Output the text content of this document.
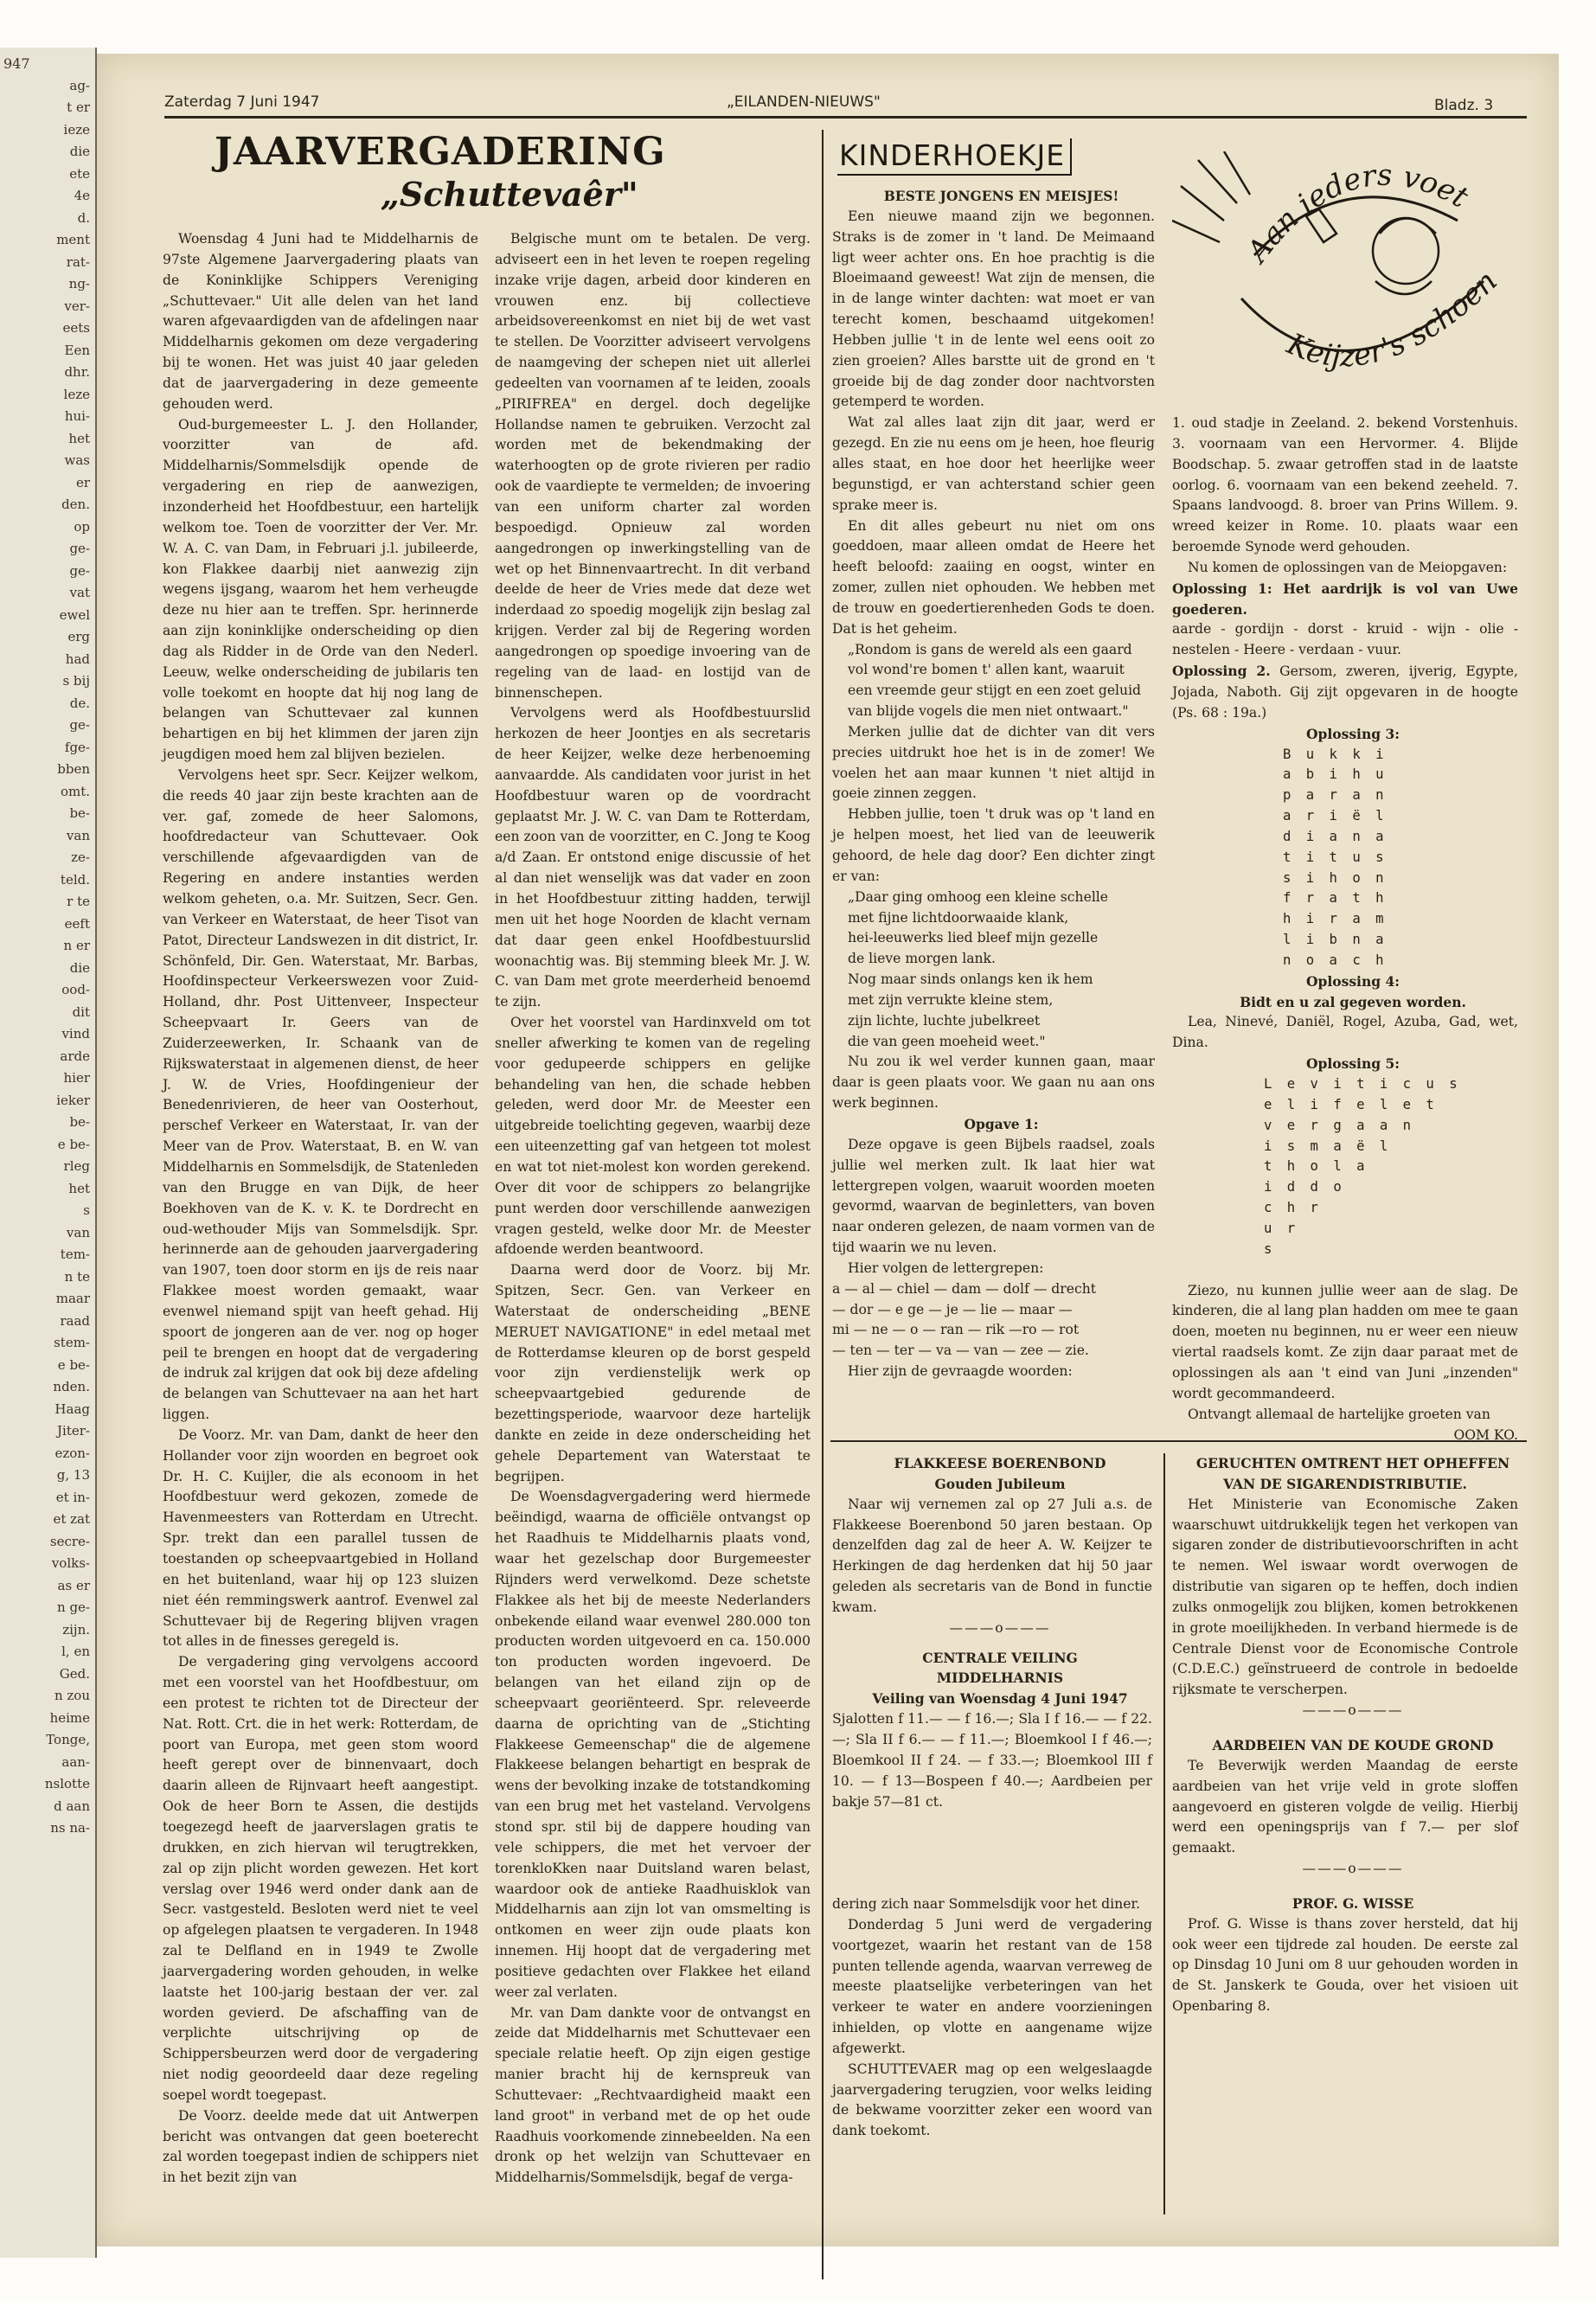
947
ag-
t er
ieze
die
ete
4e
d.
ment
rat-
ng-
ver-
eets
Een
dhr.
leze
hui-
het
was
er
den.
op
ge-
ge-
vat
ewel
erg
had
s bij
de.
ge-
fge-
bben
omt.
be-
van
ze-
teld.
r te
eeft
n er
die
ood-
dit
vind
arde
hier
ieker
be-
e be-
rleg
het
s
van
tem-
n te
maar
raad
stem-
e be-
nden.
Haag
Jiter-
ezon-
g, 13
et in-
et zat
secre-
volks-
as er
n ge-
zijn.
l, en
Ged.
n zou
heime
Tonge,
aan-
nslotte
d aan
ns na-
Zaterdag 7 Juni 1947	„EILANDEN-NIEUWS"	Bladz. 3
JAARVERGADERING
„Schuttevaêr"

Woensdag 4 Juni had te Middelharnis de 97ste Algemene Jaarvergadering plaats van de Koninklijke Schippers Vereniging „Schuttevaer." Uit alle delen van het land waren afgevaardigden van de afdelingen naar Middelharnis gekomen om deze vergadering bij te wonen. Het was juist 40 jaar geleden dat de jaarvergadering in deze gemeente gehouden werd.

Oud-burgemeester L. J. den Hollander, voorzitter van de afd. Middelharnis/Sommelsdijk opende de vergadering en riep de aanwezigen, inzonderheid het Hoofdbestuur, een hartelijk welkom toe. Toen de voorzitter der Ver. Mr. W. A. C. van Dam, in Februari j.l. jubileerde, kon Flakkee daarbij niet aanwezig zijn wegens ijsgang, waarom het hem verheugde deze nu hier aan te treffen. Spr. herinnerde aan zijn koninklijke onderscheiding op dien dag als Ridder in de Orde van den Nederl. Leeuw, welke onderscheiding de jubilaris ten volle toekomt en hoopte dat hij nog lang de belangen van Schuttevaer zal kunnen behartigen en bij het klimmen der jaren zijn jeugdigen moed hem zal blijven bezielen.

Vervolgens heet spr. Secr. Keijzer welkom, die reeds 40 jaar zijn beste krachten aan de ver. gaf, zomede de heer Salomons, hoofdredacteur van Schuttevaer. Ook verschillende afgevaardigden van de Regering en andere instanties werden welkom geheten, o.a. Mr. Suitzen, Secr. Gen. van Verkeer en Waterstaat, de heer Tisot van Patot, Directeur Landswezen in dit district, Ir. Schönfeld, Dir. Gen. Waterstaat, Mr. Barbas, Hoofdinspecteur Verkeerswezen voor Zuid-Holland, dhr. Post Uittenveer, Inspecteur Scheepvaart Ir. Geers van de Zuiderzeewerken, Ir. Schaank van de Rijkswaterstaat in algemenen dienst, de heer J. W. de Vries, Hoofdingenieur der Benedenrivieren, de heer van Oosterhout, perschef Verkeer en Waterstaat, Ir. van der Meer van de Prov. Waterstaat, B. en W. van Middelharnis en Sommelsdijk, de Statenleden van den Brugge en van Dijk, de heer Boekhoven van de K. v. K. te Dordrecht en oud-wethouder Mijs van Sommelsdijk. Spr. herinnerde aan de gehouden jaarvergadering van 1907, toen door storm en ijs de reis naar Flakkee moest worden gemaakt, waar evenwel niemand spijt van heeft gehad. Hij spoort de jongeren aan de ver. nog op hoger peil te brengen en hoopt dat de vergadering de indruk zal krijgen dat ook bij deze afdeling de belangen van Schuttevaer na aan het hart liggen.

De Voorz. Mr. van Dam, dankt de heer den Hollander voor zijn woorden en begroet ook Dr. H. C. Kuijler, die als econoom in het Hoofdbestuur werd gekozen, zomede de Havenmeesters van Rotterdam en Utrecht. Spr. trekt dan een parallel tussen de toestanden op scheepvaartgebied in Holland en het buitenland, waar hij op 123 sluizen niet één remmingswerk aantrof. Evenwel zal Schuttevaer bij de Regering blijven vragen tot alles in de finesses geregeld is.

De vergadering ging vervolgens accoord met een voorstel van het Hoofdbestuur, om een protest te richten tot de Directeur der Nat. Rott. Crt. die in het werk: Rotterdam, de poort van Europa, met geen stom woord heeft gerept over de binnenvaart, doch daarin alleen de Rijnvaart heeft aangestipt. Ook de heer Born te Assen, die destijds toegezegd heeft de jaarverslagen gratis te drukken, en zich hiervan wil terugtrekken, zal op zijn plicht worden gewezen. Het kort verslag over 1946 werd onder dank aan de Secr. vastgesteld. Besloten werd niet te veel op afgelegen plaatsen te vergaderen. In 1948 zal te Delfland en in 1949 te Zwolle jaarvergadering worden gehouden, in welke laatste het 100-jarig bestaan der ver. zal worden gevierd. De afschaffing van de verplichte uitschrijving op de Schippersbeurzen werd door de vergadering niet nodig geoordeeld daar deze regeling soepel wordt toegepast.

De Voorz. deelde mede dat uit Antwerpen bericht was ontvangen dat geen boeterecht zal worden toegepast indien de schippers niet in het bezit zijn van

Belgische munt om te betalen. De verg. adviseert een in het leven te roepen regeling inzake vrije dagen, arbeid door kinderen en vrouwen enz. bij collectieve arbeidsovereenkomst en niet bij de wet vast te stellen. De Voorzitter adviseert vervolgens de naamgeving der schepen niet uit allerlei gedeelten van voornamen af te leiden, zooals „PIRIFREA" en dergel. doch degelijke Hollandse namen te gebruiken. Verzocht zal worden met de bekendmaking der waterhoogten op de grote rivieren per radio ook de vaardiepte te vermelden; de invoering van een uniform charter zal worden bespoedigd. Opnieuw zal worden aangedrongen op inwerkingstelling van de wet op het Binnenvaartrecht. In dit verband deelde de heer de Vries mede dat deze wet inderdaad zo spoedig mogelijk zijn beslag zal krijgen. Verder zal bij de Regering worden aangedrongen op spoedige invoering van de regeling van de laad- en lostijd van de binnenschepen.

Vervolgens werd als Hoofdbestuurslid herkozen de heer Joontjes en als secretaris de heer Keijzer, welke deze herbenoeming aanvaardde. Als candidaten voor jurist in het Hoofdbestuur waren op de voordracht geplaatst Mr. J. W. C. van Dam te Rotterdam, een zoon van de voorzitter, en C. Jong te Koog a/d Zaan. Er ontstond enige discussie of het al dan niet wenselijk was dat vader en zoon in het Hoofdbestuur zitting hadden, terwijl men uit het hoge Noorden de klacht vernam dat daar geen enkel Hoofdbestuurslid woonachtig was. Bij stemming bleek Mr. J. W. C. van Dam met grote meerderheid benoemd te zijn.

Over het voorstel van Hardinxveld om tot sneller afwerking te komen van de regeling voor gedupeerde schippers en gelijke behandeling van hen, die schade hebben geleden, werd door Mr. de Meester een uitgebreide toelichting gegeven, waarbij deze een uiteenzetting gaf van hetgeen tot molest en wat tot niet-molest kon worden gerekend. Over dit voor de schippers zo belangrijke punt werden door verschillende aanwezigen vragen gesteld, welke door Mr. de Meester afdoende werden beantwoord.

Daarna werd door de Voorz. bij Mr. Spitzen, Secr. Gen. van Verkeer en Waterstaat de onderscheiding „BENE MERUET NAVIGATIONE" in edel metaal met de Rotterdamse kleuren op de borst gespeld voor zijn verdienstelijk werk op scheepvaartgebied gedurende de bezettingsperiode, waarvoor deze hartelijk dankte en zeide in deze onderscheiding het gehele Departement van Waterstaat te begrijpen.

De Woensdagvergadering werd hiermede beëindigd, waarna de officiële ontvangst op het Raadhuis te Middelharnis plaats vond, waar het gezelschap door Burgemeester Rijnders werd verwelkomd. Deze schetste Flakkee als het bij de meeste Nederlanders onbekende eiland waar evenwel 280.000 ton producten worden uitgevoerd en ca. 150.000 ton producten worden ingevoerd. De belangen van het eiland zijn op de scheepvaart georiënteerd. Spr. releveerde daarna de oprichting van de „Stichting Flakkeese Gemeenschap" die de algemene Flakkeese belangen behartigt en besprak de wens der bevolking inzake de totstandkoming van een brug met het vasteland. Vervolgens stond spr. stil bij de dappere houding van vele schippers, die met het vervoer der torenkloKken naar Duitsland waren belast, waardoor ook de antieke Raadhuisklok van Middelharnis aan zijn lot van omsmelting is ontkomen en weer zijn oude plaats kon innemen. Hij hoopt dat de vergadering met positieve gedachten over Flakkee het eiland weer zal verlaten.

Mr. van Dam dankte voor de ontvangst en zeide dat Middelharnis met Schuttevaer een speciale relatie heeft. Op zijn eigen gestige manier bracht hij de kernspreuk van Schuttevaer: „Rechtvaardigheid maakt een land groot" in verband met de op het oude Raadhuis voorkomende zinnebeelden. Na een dronk op het welzijn van Schuttevaer en Middelharnis/Sommelsdijk, begaf de verga-

dering zich naar Sommelsdijk voor het diner.

Donderdag 5 Juni werd de vergadering voortgezet, waarin het restant van de 158 punten tellende agenda, waarvan verreweg de meeste plaatselijke verbeteringen van het verkeer te water en andere voorzieningen inhielden, op vlotte en aangename wijze afgewerkt.

SCHUTTEVAER mag op een welgeslaagde jaarvergadering terugzien, voor welks leiding de bekwame voorzitter zeker een woord van dank toekomt.

KINDERHOEKJE
Aan ieders voet
Keijzer's schoen

BESTE JONGENS EN MEISJES!

Een nieuwe maand zijn we begonnen. Straks is de zomer in 't land. De Meimaand ligt weer achter ons. En hoe prachtig is die Bloeimaand geweest! Wat zijn de mensen, die in de lange winter dachten: wat moet er van terecht komen, beschaamd uitgekomen! Hebben jullie 't in de lente wel eens ooit zo zien groeien? Alles barstte uit de grond en 't groeide bij de dag zonder door nachtvorsten getemperd te worden.

Wat zal alles laat zijn dit jaar, werd er gezegd. En zie nu eens om je heen, hoe fleurig alles staat, en hoe door het heerlijke weer begunstigd, er van achterstand schier geen sprake meer is.

En dit alles gebeurt nu niet om ons goeddoen, maar alleen omdat de Heere het heeft beloofd: zaaiing en oogst, winter en zomer, zullen niet ophouden. We hebben met de trouw en goedertierenheden Gods te doen. Dat is het geheim.

„Rondom is gans de wereld als een gaard

vol wond're bomen t' allen kant, waaruit

een vreemde geur stijgt en een zoet geluid

van blijde vogels die men niet ontwaart."

Merken jullie dat de dichter van dit vers precies uitdrukt hoe het is in de zomer! We voelen het aan maar kunnen 't niet altijd in goeie zinnen zeggen.

Hebben jullie, toen 't druk was op 't land en je helpen moest, het lied van de leeuwerik gehoord, de hele dag door? Een dichter zingt er van:

„Daar ging omhoog een kleine schelle

met fijne lichtdoorwaaide klank,

hei-leeuwerks lied bleef mijn gezelle

de lieve morgen lank.

Nog maar sinds onlangs ken ik hem

met zijn verrukte kleine stem,

zijn lichte, luchte jubelkreet

die van geen moeheid weet."

Nu zou ik wel verder kunnen gaan, maar daar is geen plaats voor. We gaan nu aan ons werk beginnen.

Opgave 1:

Deze opgave is geen Bijbels raadsel, zoals jullie wel merken zult. Ik laat hier wat lettergrepen volgen, waaruit woorden moeten gevormd, waarvan de beginletters, van boven naar onderen gelezen, de naam vormen van de tijd waarin we nu leven.

Hier volgen de lettergrepen:

a — al — chiel — dam — dolf — drecht

— dor — e ge — je — lie — maar —

mi — ne — o — ran — rik —ro — rot

— ten — ter — va — van — zee — zie.

Hier zijn de gevraagde woorden:

1. oud stadje in Zeeland. 2. bekend Vorstenhuis. 3. voornaam van een Hervormer. 4. Blijde Boodschap. 5. zwaar getroffen stad in de laatste oorlog. 6. voornaam van een bekend zeeheld. 7. Spaans landvoogd. 8. broer van Prins Willem. 9. wreed keizer in Rome. 10. plaats waar een beroemde Synode werd gehouden.

Nu komen de oplossingen van de Meiopgaven:

Oplossing 1: Het aardrijk is vol van Uwe goederen.

aarde - gordijn - dorst - kruid - wijn - olie - nestelen - Heere - verdaan - vuur.

Oplossing 2. Gersom, zweren, ijverig, Egypte, Jojada, Naboth. Gij zijt opgevaren in de hoogte (Ps. 68 : 19a.)

Oplossing 3:

B u k k i

a b i h u

p a r a n

a r i ë l

d i a n a

t i t u s

s i h o n

f r a t h

h i r a m

l i b n a

n o a c h

Oplossing 4:

Bidt en u zal gegeven worden.

Lea, Ninevé, Daniël, Rogel, Azuba, Gad, wet, Dina.

Oplossing 5:

L e v i t i c u s

e l i f e l e t

v e r g a a n

i s m a ë l

t h o l a

i d d o

c h r

u r

s

Ziezo, nu kunnen jullie weer aan de slag. De kinderen, die al lang plan hadden om mee te gaan doen, moeten nu beginnen, nu er weer een nieuw viertal raadsels komt. Ze zijn daar paraat met de oplossingen als aan 't eind van Juni „inzenden" wordt gecommandeerd.

Ontvangt allemaal de hartelijke groeten van

OOM KO.

FLAKKEESE BOERENBOND

Gouden Jubileum

Naar wij vernemen zal op 27 Juli a.s. de Flakkeese Boerenbond 50 jaren bestaan. Op denzelfden dag zal de heer A. W. Keijzer te Herkingen de dag herdenken dat hij 50 jaar geleden als secretaris van de Bond in functie kwam.

———o———

CENTRALE VEILING

MIDDELHARNIS

Veiling van Woensdag 4 Juni 1947

Sjalotten f 11.— — f 16.—; Sla I f 16.— — f 22.—; Sla II f 6.— — f 11.—; Bloemkool I f 46.—; Bloemkool II f 24. — f 33.—; Bloemkool III f 10. — f 13—Bospeen f 40.—; Aardbeien per bakje 57—81 ct.

GERUCHTEN OMTRENT HET OPHEFFEN VAN DE SIGARENDISTRIBUTIE.

Het Ministerie van Economische Zaken waarschuwt uitdrukkelijk tegen het verkopen van sigaren zonder de distributievoorschriften in acht te nemen. Wel iswaar wordt overwogen de distributie van sigaren op te heffen, doch indien zulks onmogelijk zou blijken, komen betrokkenen in grote moeilijkheden. In verband hiermede is de Centrale Dienst voor de Economische Controle (C.D.E.C.) geïnstrueerd de controle in bedoelde rijksmate te verscherpen.

———o———

AARDBEIEN VAN DE KOUDE GROND

Te Beverwijk werden Maandag de eerste aardbeien van het vrije veld in grote sloffen aangevoerd en gisteren volgde de veilig. Hierbij werd een openingsprijs van f 7.— per slof gemaakt.

———o———

PROF. G. WISSE

Prof. G. Wisse is thans zover hersteld, dat hij ook weer een tijdrede zal houden. De eerste zal op Dinsdag 10 Juni om 8 uur gehouden worden in de St. Janskerk te Gouda, over het visioen uit Openbaring 8.
